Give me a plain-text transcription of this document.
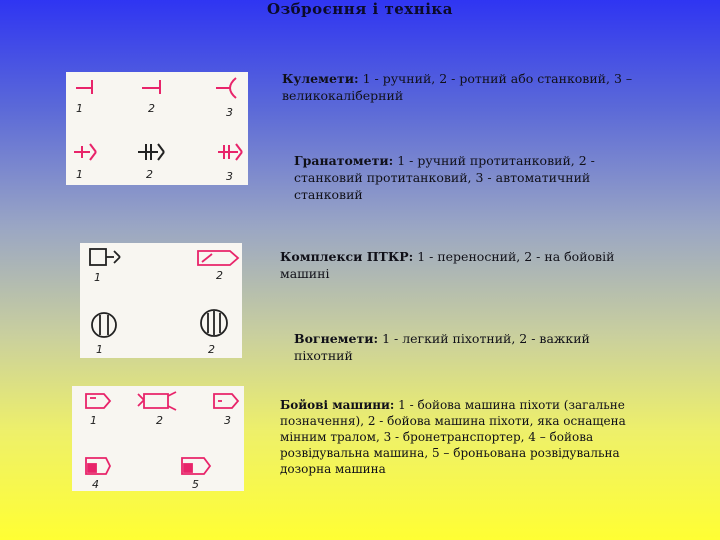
Озброєння і техніка
1	2	3
1	2	3
Кулемети: 1 - ручний, 2 - ротний або станковий, 3 – великокаліберний
Гранатомети: 1 - ручний протитанковий, 2 - станковий протитанковий, 3 - автоматичний станковий
1	2
1	2
Комплекси ПТКР: 1 - переносний, 2 - на бойовій машині
Вогнемети: 1 - легкий піхотний, 2 - важкий піхотний
1	2	3
4	5
Бойові машини: 1 - бойова машина піхоти (загальне позначення), 2 - бойова машина піхоти, яка оснащена мінним тралом, 3 - бронетранспортер, 4 – бойова розвідувальна машина, 5 – броньована розвідувальна дозорна машина
